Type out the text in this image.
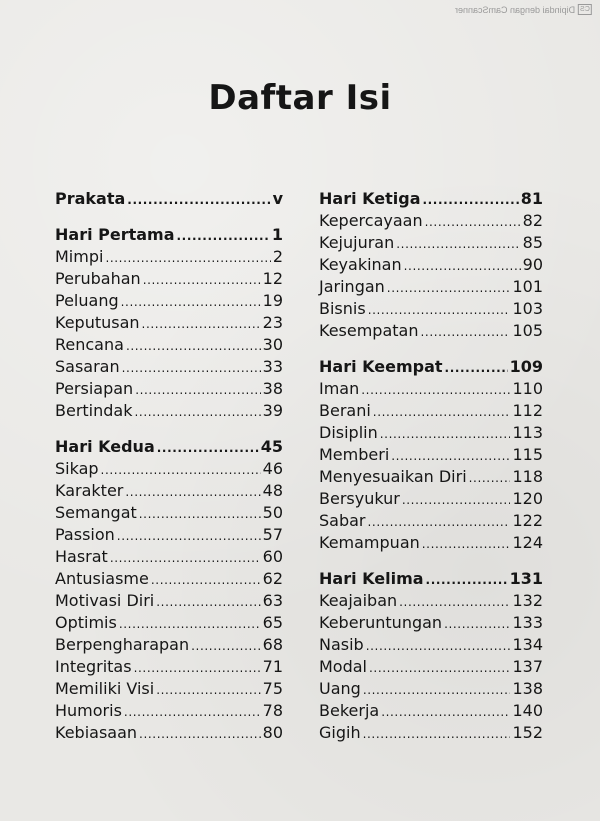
CS
Dipindai dengan CamScanner
Daftar Isi
Prakata .....	v
Hari Pertama .....	1
Mimpi .....	2
Perubahan .....	12
Peluang .....	19
Keputusan .....	23
Rencana .....	30
Sasaran .....	33
Persiapan .....	38
Bertindak .....	39
Hari Kedua .....	45
Sikap .....	46
Karakter .....	48
Semangat .....	50
Passion .....	57
Hasrat .....	60
Antusiasme .....	62
Motivasi Diri .....	63
Optimis .....	65
Berpengharapan .....	68
Integritas .....	71
Memiliki Visi .....	75
Humoris .....	78
Kebiasaan .....	80
Hari Ketiga .....	81
Kepercayaan .....	82
Kejujuran .....	85
Keyakinan .....	90
Jaringan .....	101
Bisnis .....	103
Kesempatan .....	105
Hari Keempat .....	109
Iman .....	110
Berani .....	112
Disiplin .....	113
Memberi .....	115
Menyesuaikan Diri .....	118
Bersyukur .....	120
Sabar .....	122
Kemampuan .....	124
Hari Kelima .....	131
Keajaiban .....	132
Keberuntungan .....	133
Nasib .....	134
Modal .....	137
Uang .....	138
Bekerja .....	140
Gigih .....	152
